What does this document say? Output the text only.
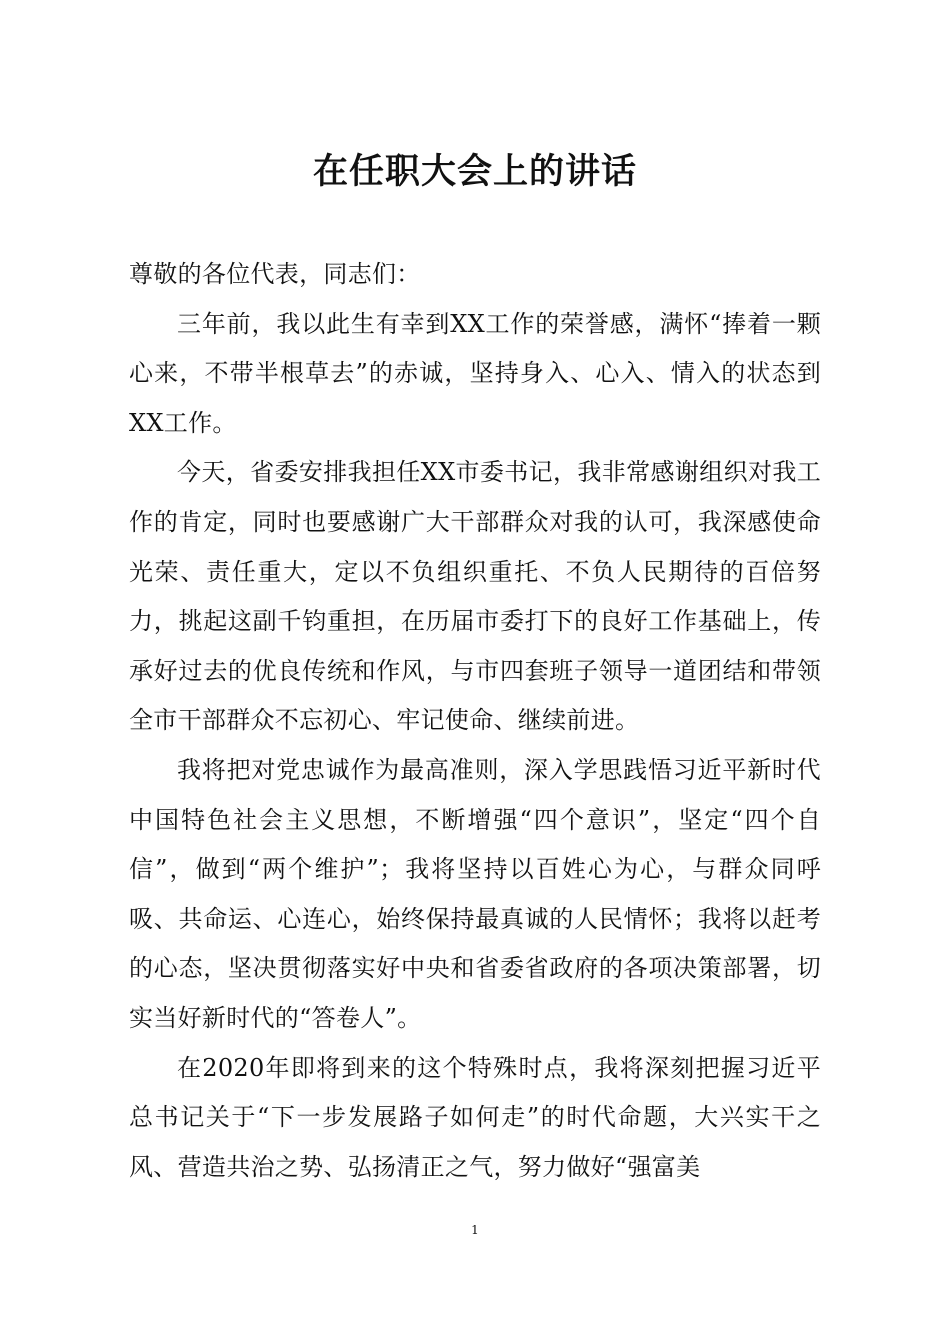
在任职大会上的讲话

尊敬的各位代表，同志们：

三年前，我以此生有幸到XX工作的荣誉感，满怀“捧着一颗心来，不带半根草去”的赤诚，坚持身入、心入、情入的状态到XX工作。

今天，省委安排我担任XX市委书记，我非常感谢组织对我工作的肯定，同时也要感谢广大干部群众对我的认可，我深感使命光荣、责任重大，定以不负组织重托、不负人民期待的百倍努力，挑起这副千钧重担，在历届市委打下的良好工作基础上，传承好过去的优良传统和作风，与市四套班子领导一道团结和带领全市干部群众不忘初心、牢记使命、继续前进。

我将把对党忠诚作为最高准则，深入学思践悟习近平新时代中国特色社会主义思想，不断增强“四个意识”，坚定“四个自信”，做到“两个维护”；我将坚持以百姓心为心，与群众同呼吸、共命运、心连心，始终保持最真诚的人民情怀；我将以赶考的心态，坚决贯彻落实好中央和省委省政府的各项决策部署，切实当好新时代的“答卷人”。

在2020年即将到来的这个特殊时点，我将深刻把握习近平总书记关于“下一步发展路子如何走”的时代命题，大兴实干之风、营造共治之势、弘扬清正之气，努力做好“强富美

1
